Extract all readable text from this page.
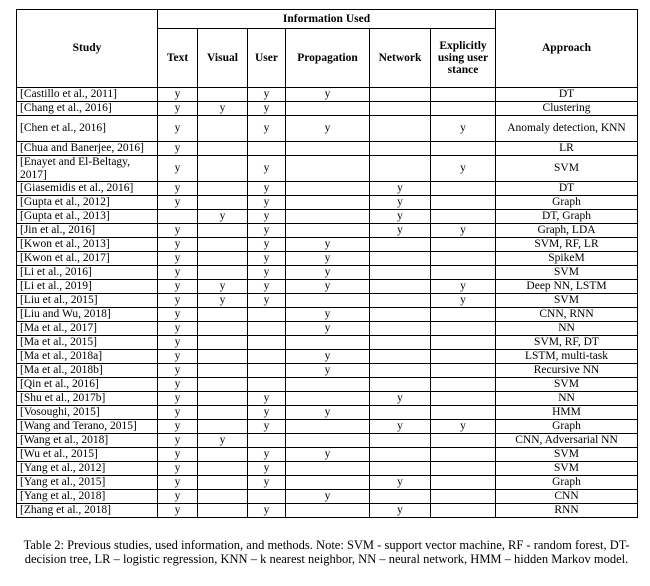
Study	Information Used						Approach
	Text	Visual	User	Propagation	Network	Explicitly using user stance	
[Castillo et al., 2011]	y		y	y			DT
[Chang et al., 2016]	y	y	y				Clustering
[Chen et al., 2016]	y		y	y		y	Anomaly detection, KNN
[Chua and Banerjee, 2016]	y						LR
[Enayet and El-Beltagy, 2017]	y		y			y	SVM
[Giasemidis et al., 2016]	y		y		y		DT
[Gupta et al., 2012]	y		y		y		Graph
[Gupta et al., 2013]		y	y		y		DT, Graph
[Jin et al., 2016]	y		y		y	y	Graph, LDA
[Kwon et al., 2013]	y		y	y			SVM, RF, LR
[Kwon et al., 2017]	y		y	y			SpikeM
[Li et al., 2016]	y		y	y			SVM
[Li et al., 2019]	y	y	y	y		y	Deep NN, LSTM
[Liu et al., 2015]	y	y	y			y	SVM
[Liu and Wu, 2018]	y			y			CNN, RNN
[Ma et al., 2017]	y			y			NN
[Ma et al., 2015]	y						SVM, RF, DT
[Ma et al., 2018a]	y			y			LSTM, multi-task
[Ma et al., 2018b]	y			y			Recursive NN
[Qin et al., 2016]	y						SVM
[Shu et al., 2017b]	y		y		y		NN
[Vosoughi, 2015]	y		y	y			HMM
[Wang and Terano, 2015]	y		y		y	y	Graph
[Wang et al., 2018]	y	y					CNN, Adversarial NN
[Wu et al., 2015]	y		y	y			SVM
[Yang et al., 2012]	y		y				SVM
[Yang et al., 2015]	y		y		y		Graph
[Yang et al., 2018]	y			y			CNN
[Zhang et al., 2018]	y		y		y		RNN
Table 2: Previous studies, used information, and methods. Note: SVM - support vector machine, RF - random forest, DT- decision tree, LR – logistic regression, KNN – k nearest neighbor, NN – neural network, HMM – hidden Markov model.
